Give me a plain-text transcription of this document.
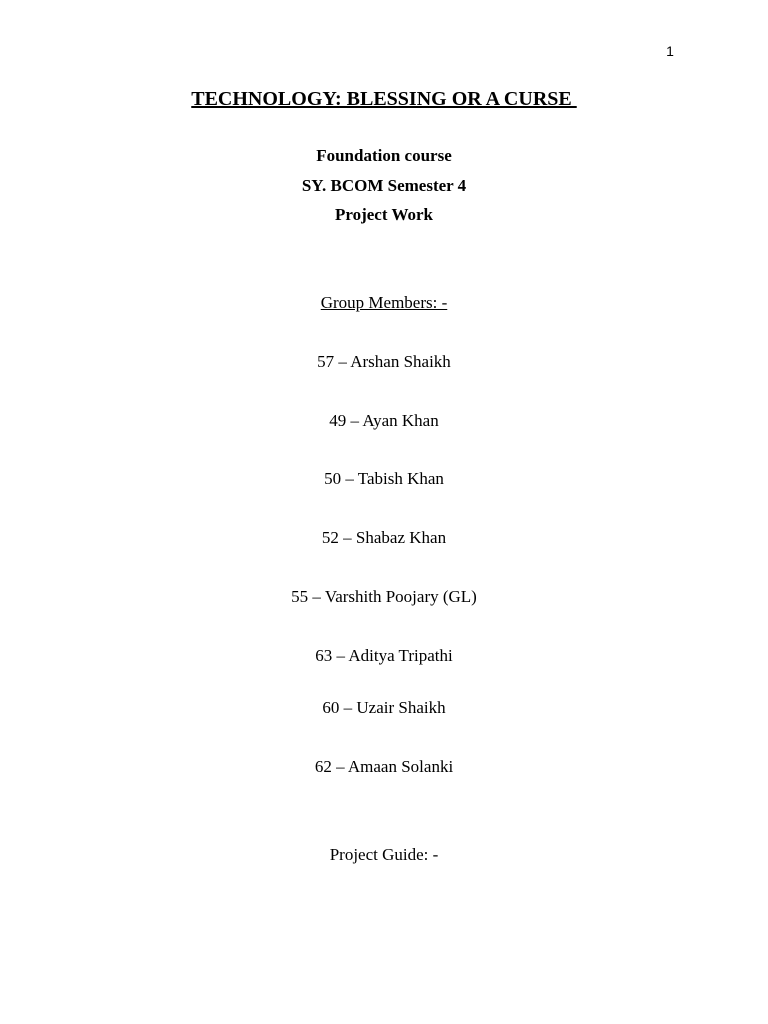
1
TECHNOLOGY: BLESSING OR A CURSE
Foundation course
SY. BCOM Semester 4
Project Work
Group Members: -
57 – Arshan Shaikh
49 – Ayan Khan
50 – Tabish Khan
52 – Shabaz Khan
55 – Varshith Poojary (GL)
63 – Aditya Tripathi
60 – Uzair Shaikh
62 – Amaan Solanki
Project Guide: -
